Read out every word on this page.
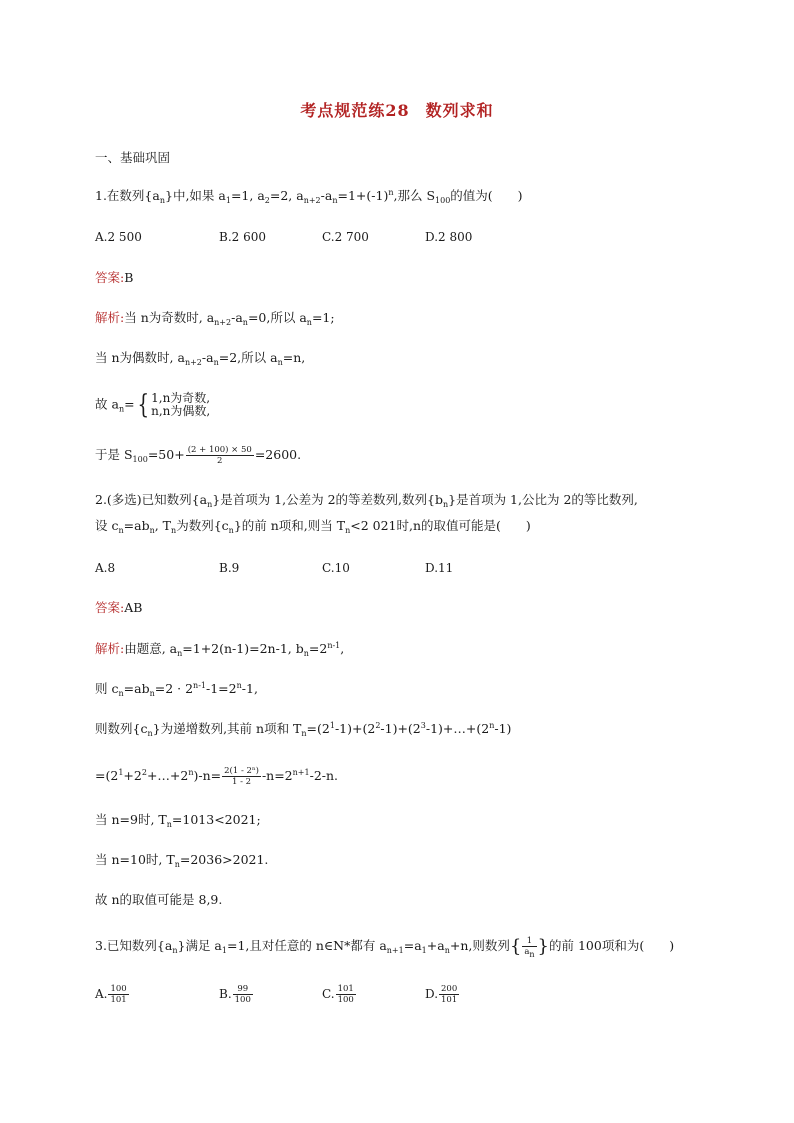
考点规范练28 数列求和
一、基础巩固
1.在数列$\{a_n\}$中,如果 $a_1=1$, $a_2=2$, $a_{n+2}-a_n=1+(-1)^n$,那么 $S_{100}$的值为(　　)
A.2 500	B.2 600	C.2 700	D.2 800
答案:B
解析:当 n为奇数时, $a_{n+2}-a_n=0$,所以 $a_n=1$;
当 n为偶数时, $a_{n+2}-a_n=2$,所以 $a_n=n$,
故 $a_n=${ 1,n为奇数,
n,n为偶数,
于是 $S_{100}=50+ \frac{(2 + 100) \times 50}{2} =2600$.
2.(多选)已知数列$\{a_n\}$是首项为 1,公差为 2的等差数列,数列$\{b_n\}$是首项为 1,公比为 2的等比数列,
设 $c_n=ab_n$, $T_n$为数列$\{c_n\}$的前 n项和,则当 $T_n<2$ 021时,n的取值可能是(　　)
A.8	B.9	C.10	D.11
答案:AB
解析:由题意, $a_n=1+2(n-1)=2n-1$, $b_n=2^{n-1}$,
则 $c_n=ab_n=2 \cdot 2^{n-1}-1=2^n-1$,
则数列$\{c_n\}$为递增数列,其前 n项和 $T_n=(2^1-1)+(2^2-1)+(2^3-1)+\dots+(2^n-1)$
$=(2^1+2^2+\dots+2^n)-n= \frac{\text{2(1 - 2ⁿ)}}{1 - 2} -n=2^{n+1}-2-n$.
当 n=9时, $T_n=1013<2021$;
当 n=10时, $T_n=2036>2021$.
故 n的取值可能是 8,9.
3.已知数列$\{a_n\}$满足 $a_1=1$,且对任意的 n∈N*都有 $a_{n+1}=a_1+a_n+n$,则数列{ $\frac{1}{a_n}$ }的前 100项和为(　　)
A. $\frac{100}{101}$	B. $\frac{99}{100}$	C. $\frac{101}{100}$	D. $\frac{200}{101}$
